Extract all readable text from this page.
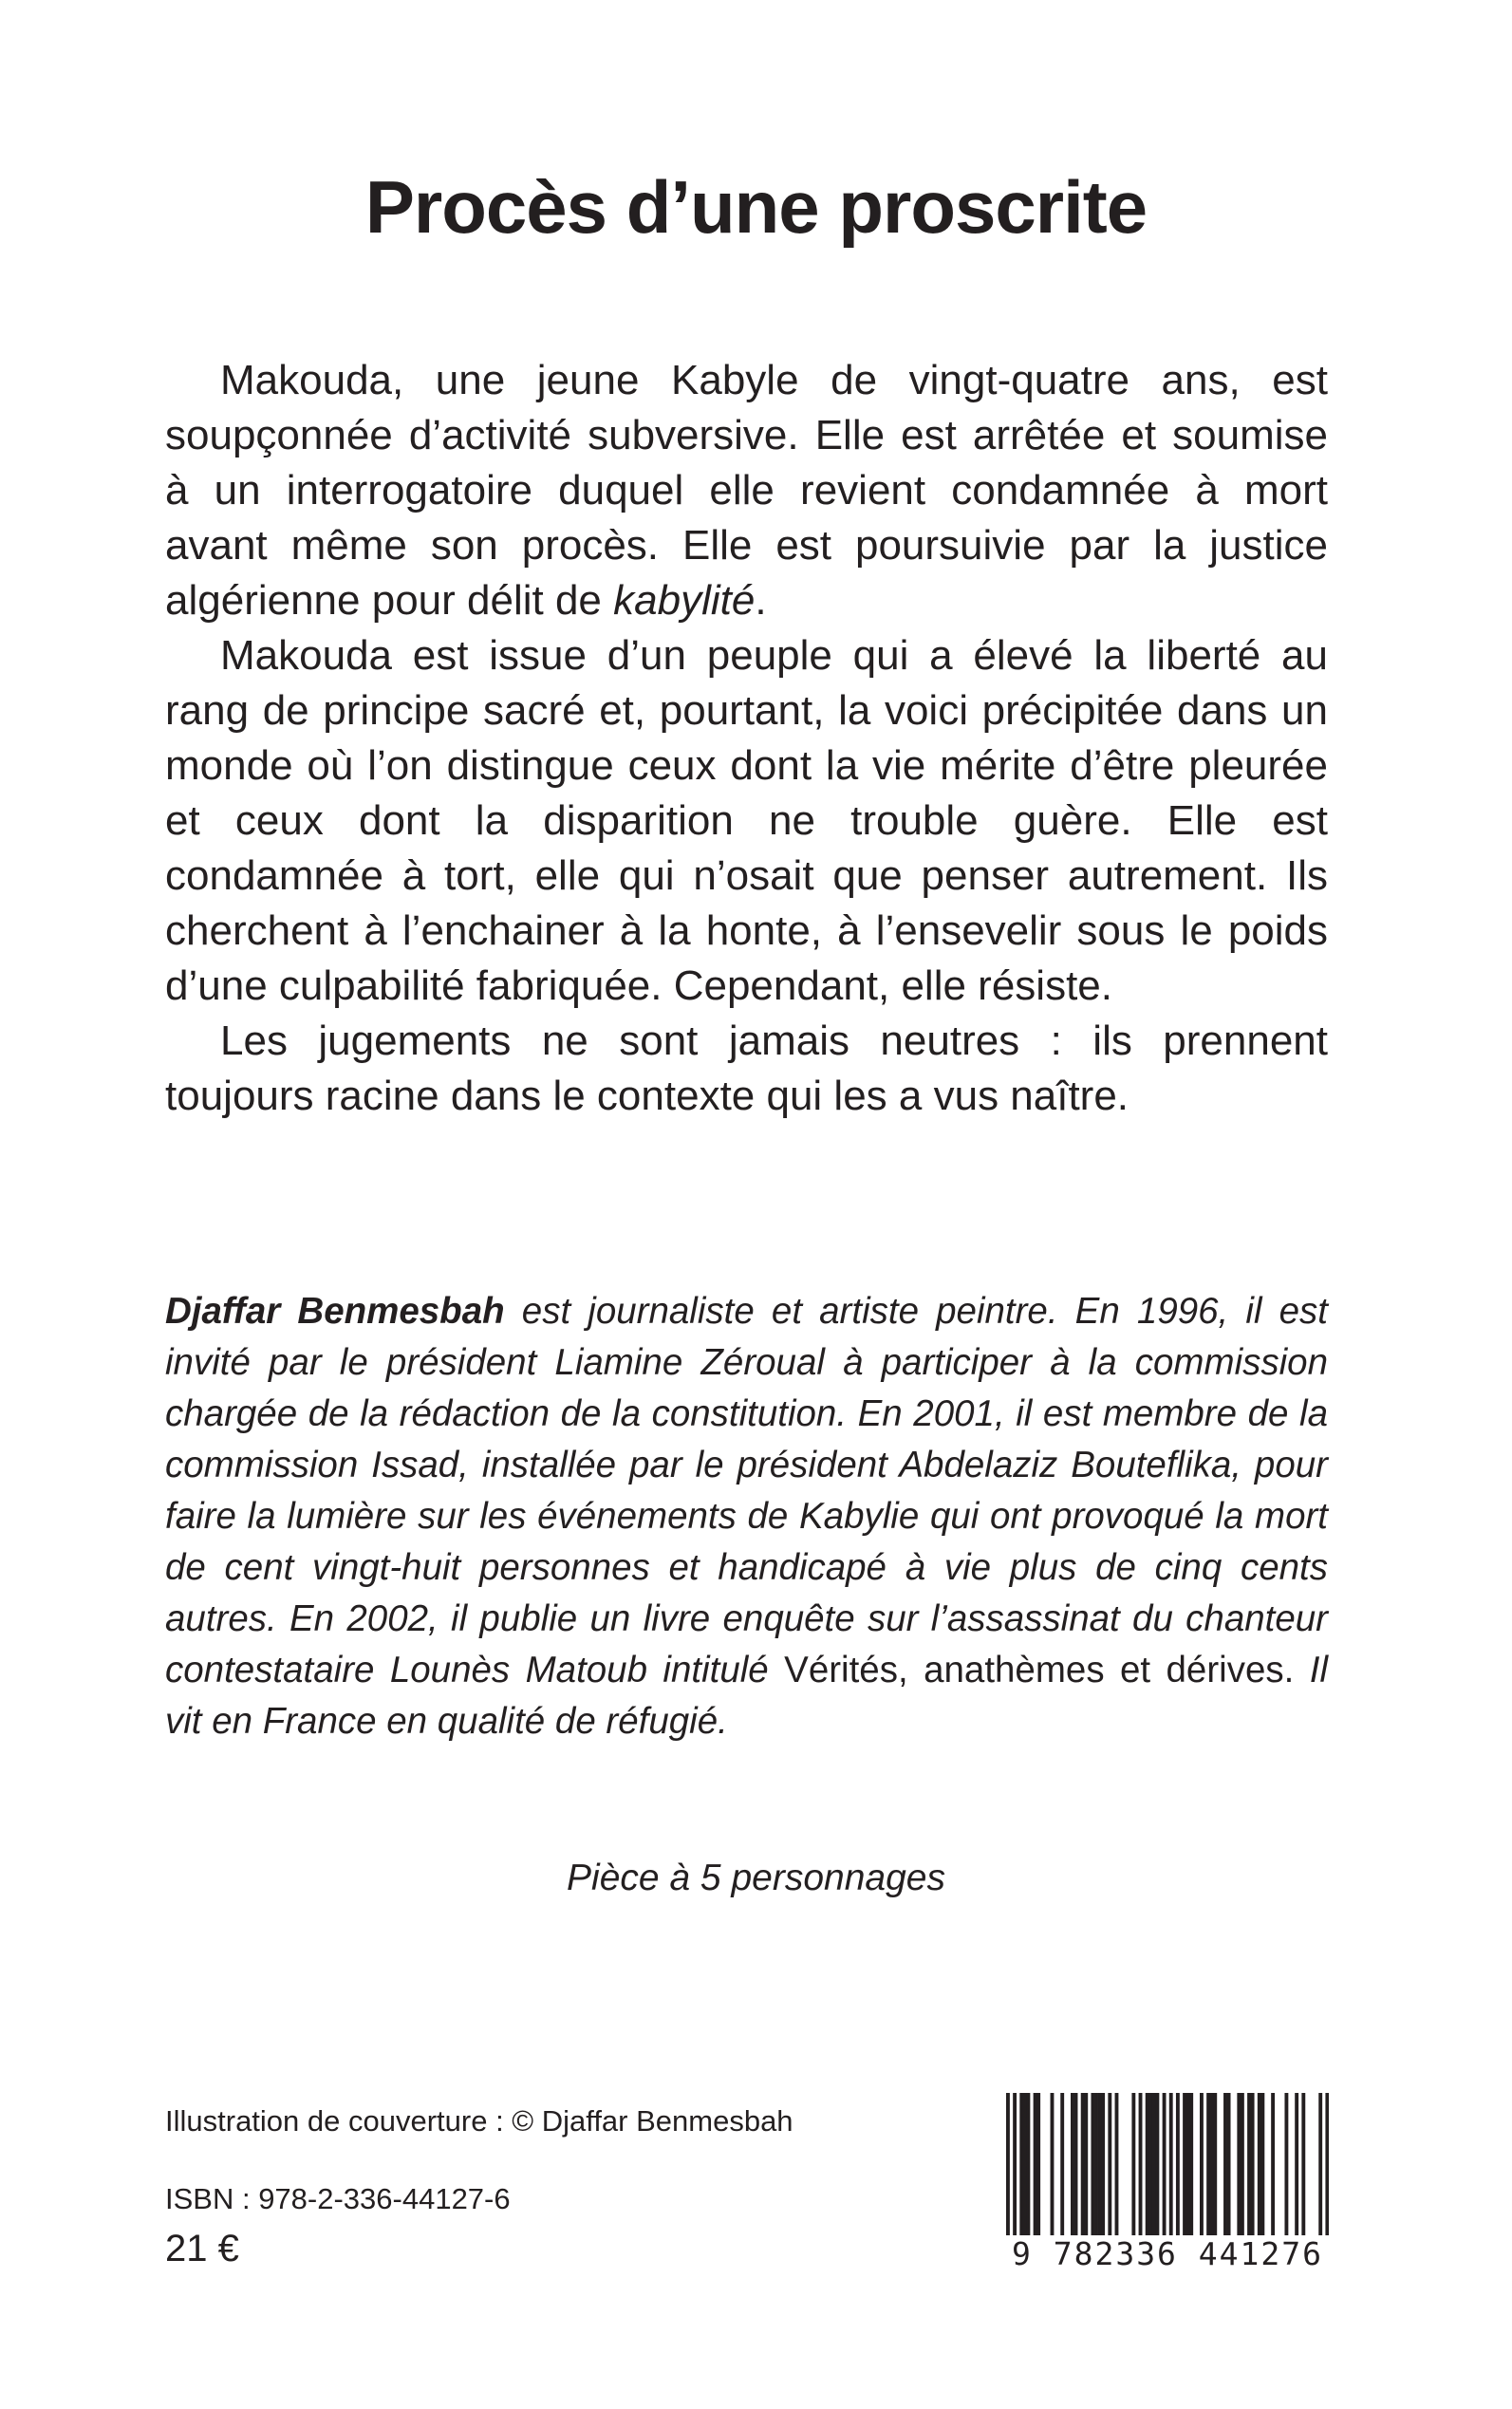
Procès d’une proscrite

Makouda, une jeune Kabyle de vingt-quatre ans, est soupçonnée d’activité subversive. Elle est arrêtée et soumise à un interrogatoire duquel elle revient condamnée à mort avant même son procès. Elle est poursuivie par la justice algérienne pour délit de kabylité.

Makouda est issue d’un peuple qui a élevé la liberté au rang de principe sacré et, pourtant, la voici précipitée dans un monde où l’on distingue ceux dont la vie mérite d’être pleurée et ceux dont la disparition ne trouble guère. Elle est condamnée à tort, elle qui n’osait que penser autrement. Ils cherchent à l’enchainer à la honte, à l’ensevelir sous le poids d’une culpabilité fabriquée. Cependant, elle résiste.

Les jugements ne sont jamais neutres : ils prennent toujours racine dans le contexte qui les a vus naître.

Djaffar Benmesbah est journaliste et artiste peintre. En 1996, il est invité par le président Liamine Zéroual à participer à la commission chargée de la rédaction de la constitution. En 2001, il est membre de la commission Issad, installée par le président Abdelaziz Bouteflika, pour faire la lumière sur les événements de Kabylie qui ont provoqué la mort de cent vingt-huit personnes et handicapé à vie plus de cinq cents autres. En 2002, il publie un livre enquête sur l’assassinat du chanteur contestataire Lounès Matoub intitulé Vérités, anathèmes et dérives. Il vit en France en qualité de réfugié.
Pièce à 5 personnages
Illustration de couverture : © Djaffar Benmesbah
ISBN : 978-2-336-44127-6
21 €	9 782336 441276
